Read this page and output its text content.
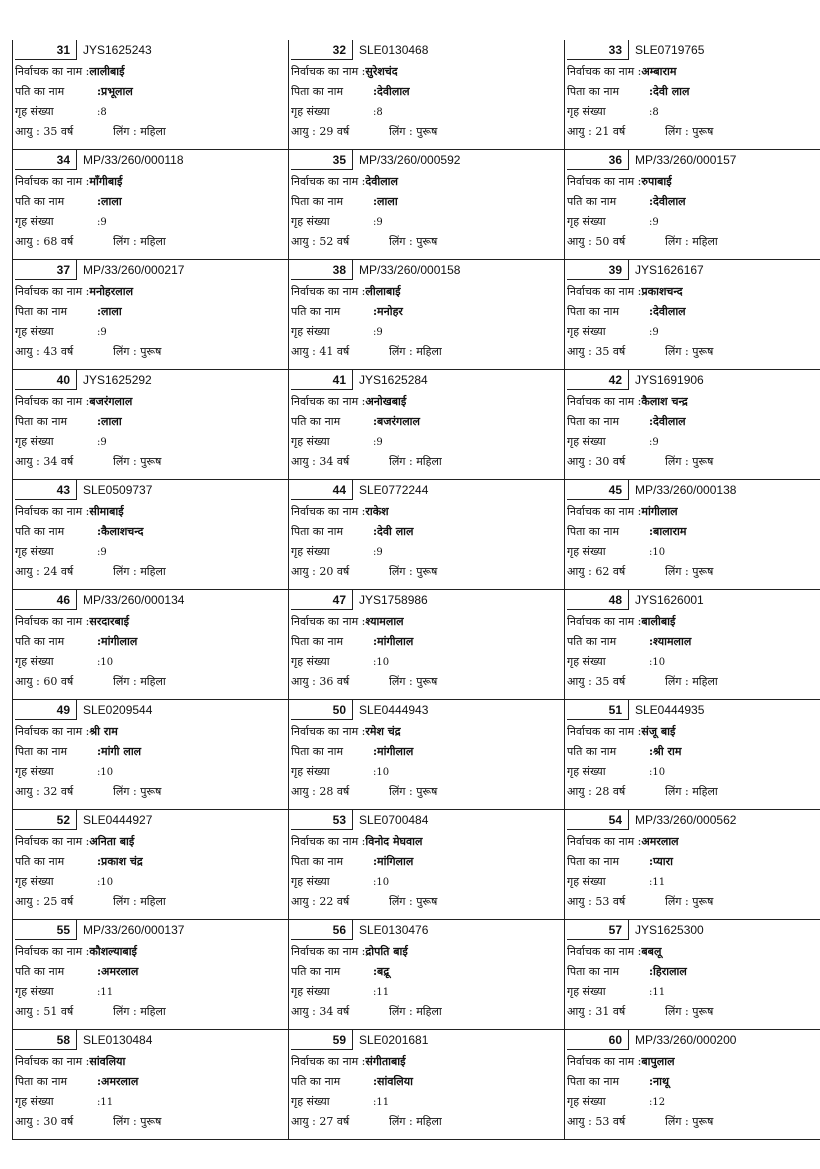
31	JYS1625243
निर्वाचक का नाम :लालीबाई
पति का नाम	:प्रभूलाल
गृह संख्या	:8
आयु : 35 वर्ष	लिंग : महिला
32	SLE0130468
निर्वाचक का नाम :सुरेशचंद
पिता का नाम	:देवीलाल
गृह संख्या	:8
आयु : 29 वर्ष	लिंग : पुरूष
33	SLE0719765
निर्वाचक का नाम :अम्बाराम
पिता का नाम	:देवी लाल
गृह संख्या	:8
आयु : 21 वर्ष	लिंग : पुरूष
34	MP/33/260/000118
निर्वाचक का नाम :माँगीबाई
पति का नाम	:लाला
गृह संख्या	:9
आयु : 68 वर्ष	लिंग : महिला
35	MP/33/260/000592
निर्वाचक का नाम :देवीलाल
पिता का नाम	:लाला
गृह संख्या	:9
आयु : 52 वर्ष	लिंग : पुरूष
36	MP/33/260/000157
निर्वाचक का नाम :रुपाबाई
पति का नाम	:देवीलाल
गृह संख्या	:9
आयु : 50 वर्ष	लिंग : महिला
37	MP/33/260/000217
निर्वाचक का नाम :मनोहरलाल
पिता का नाम	:लाला
गृह संख्या	:9
आयु : 43 वर्ष	लिंग : पुरूष
38	MP/33/260/000158
निर्वाचक का नाम :लीलाबाई
पति का नाम	:मनोहर
गृह संख्या	:9
आयु : 41 वर्ष	लिंग : महिला
39	JYS1626167
निर्वाचक का नाम :प्रकाशचन्द
पिता का नाम	:देवीलाल
गृह संख्या	:9
आयु : 35 वर्ष	लिंग : पुरूष
40	JYS1625292
निर्वाचक का नाम :बजरंगलाल
पिता का नाम	:लाला
गृह संख्या	:9
आयु : 34 वर्ष	लिंग : पुरूष
41	JYS1625284
निर्वाचक का नाम :अनोखबाई
पति का नाम	:बजरंगलाल
गृह संख्या	:9
आयु : 34 वर्ष	लिंग : महिला
42	JYS1691906
निर्वाचक का नाम :कैलाश चन्द्र
पिता का नाम	:देवीलाल
गृह संख्या	:9
आयु : 30 वर्ष	लिंग : पुरूष
43	SLE0509737
निर्वाचक का नाम :सीमाबाई
पति का नाम	:कैलाशचन्द
गृह संख्या	:9
आयु : 24 वर्ष	लिंग : महिला
44	SLE0772244
निर्वाचक का नाम :राकेश
पिता का नाम	:देवी लाल
गृह संख्या	:9
आयु : 20 वर्ष	लिंग : पुरूष
45	MP/33/260/000138
निर्वाचक का नाम :मांगीलाल
पिता का नाम	:बालाराम
गृह संख्या	:10
आयु : 62 वर्ष	लिंग : पुरूष
46	MP/33/260/000134
निर्वाचक का नाम :सरदारबाई
पति का नाम	:मांगीलाल
गृह संख्या	:10
आयु : 60 वर्ष	लिंग : महिला
47	JYS1758986
निर्वाचक का नाम :श्यामलाल
पिता का नाम	:मांगीलाल
गृह संख्या	:10
आयु : 36 वर्ष	लिंग : पुरूष
48	JYS1626001
निर्वाचक का नाम :बालीबाई
पति का नाम	:श्यामलाल
गृह संख्या	:10
आयु : 35 वर्ष	लिंग : महिला
49	SLE0209544
निर्वाचक का नाम :श्री राम
पिता का नाम	:मांगी लाल
गृह संख्या	:10
आयु : 32 वर्ष	लिंग : पुरूष
50	SLE0444943
निर्वाचक का नाम :रमेश चंद्र
पिता का नाम	:मांगीलाल
गृह संख्या	:10
आयु : 28 वर्ष	लिंग : पुरूष
51	SLE0444935
निर्वाचक का नाम :संजू बाई
पति का नाम	:श्री राम
गृह संख्या	:10
आयु : 28 वर्ष	लिंग : महिला
52	SLE0444927
निर्वाचक का नाम :अनिता बाई
पति का नाम	:प्रकाश चंद्र
गृह संख्या	:10
आयु : 25 वर्ष	लिंग : महिला
53	SLE0700484
निर्वाचक का नाम :विनोद मेघवाल
पिता का नाम	:मांगिलाल
गृह संख्या	:10
आयु : 22 वर्ष	लिंग : पुरूष
54	MP/33/260/000562
निर्वाचक का नाम :अमरलाल
पिता का नाम	:प्यारा
गृह संख्या	:11
आयु : 53 वर्ष	लिंग : पुरूष
55	MP/33/260/000137
निर्वाचक का नाम :कौशल्याबाई
पति का नाम	:अमरलाल
गृह संख्या	:11
आयु : 51 वर्ष	लिंग : महिला
56	SLE0130476
निर्वाचक का नाम :द्रोपति बाई
पति का नाम	:बद्रू
गृह संख्या	:11
आयु : 34 वर्ष	लिंग : महिला
57	JYS1625300
निर्वाचक का नाम :बबलू
पिता का नाम	:हिरालाल
गृह संख्या	:11
आयु : 31 वर्ष	लिंग : पुरूष
58	SLE0130484
निर्वाचक का नाम :सांवलिया
पिता का नाम	:अमरलाल
गृह संख्या	:11
आयु : 30 वर्ष	लिंग : पुरूष
59	SLE0201681
निर्वाचक का नाम :संगीताबाई
पति का नाम	:सांवलिया
गृह संख्या	:11
आयु : 27 वर्ष	लिंग : महिला
60	MP/33/260/000200
निर्वाचक का नाम :बापुलाल
पिता का नाम	:नाथू
गृह संख्या	:12
आयु : 53 वर्ष	लिंग : पुरूष
